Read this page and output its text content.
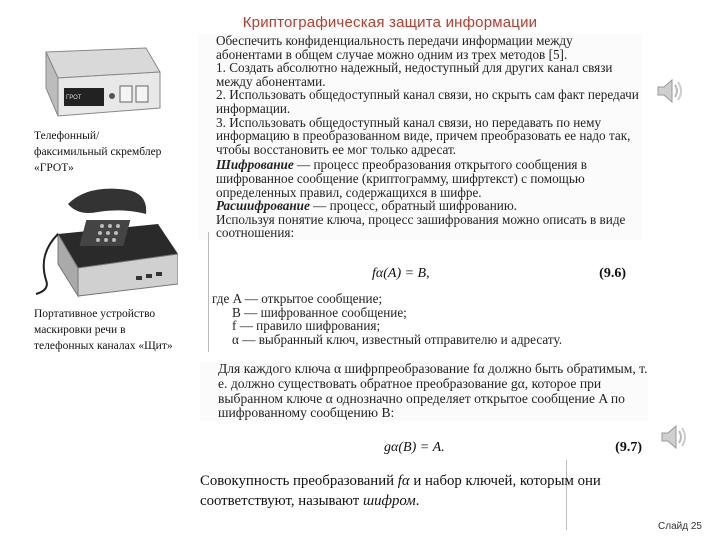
Криптографическая защита информации
ГРОТ
Телефонный/ факсимильный скремблер «ГРОТ»
Портативное устройство маскировки речи в телефонных каналах «Щит»

Обеспечить конфиденциальность передачи информации между абонентами в общем случае можно одним из трех методов [5].

1. Создать абсолютно надежный, недоступный для других канал связи между абонентами.

2. Использовать общедоступный канал связи, но скрыть сам факт передачи информации.

3. Использовать общедоступный канал связи, но передавать по нему информацию в преобразованном виде, причем преобразовать ее надо так, чтобы восстановить ее мог только адресат.

Шифрование — процесс преобразования открытого сообщения в шифрованное сообщение (криптограмму, шифртекст) с помощью определенных правил, содержащихся в шифре.

Расшифрование — процесс, обратный шифрованию.

Используя понятие ключа, процесс зашифрования можно описать в виде соотношения:

fα(A) = B,	(9.6)

где A — открытое сообщение;

B — шифрованное сообщение;

f — правило шифрования;

α — выбранный ключ, известный отправителю и адресату.

Для каждого ключа α шифрпреобразование fα должно быть обратимым, т. е. должно существовать обратное преобразование gα, которое при выбранном ключе α однозначно определяет открытое сообщение A по шифрованному сообщению B:

gα(B) = A.	(9.7)
Совокупность преобразований fα и набор ключей, которым они соответствуют, называют шифром.
Слайд 25
